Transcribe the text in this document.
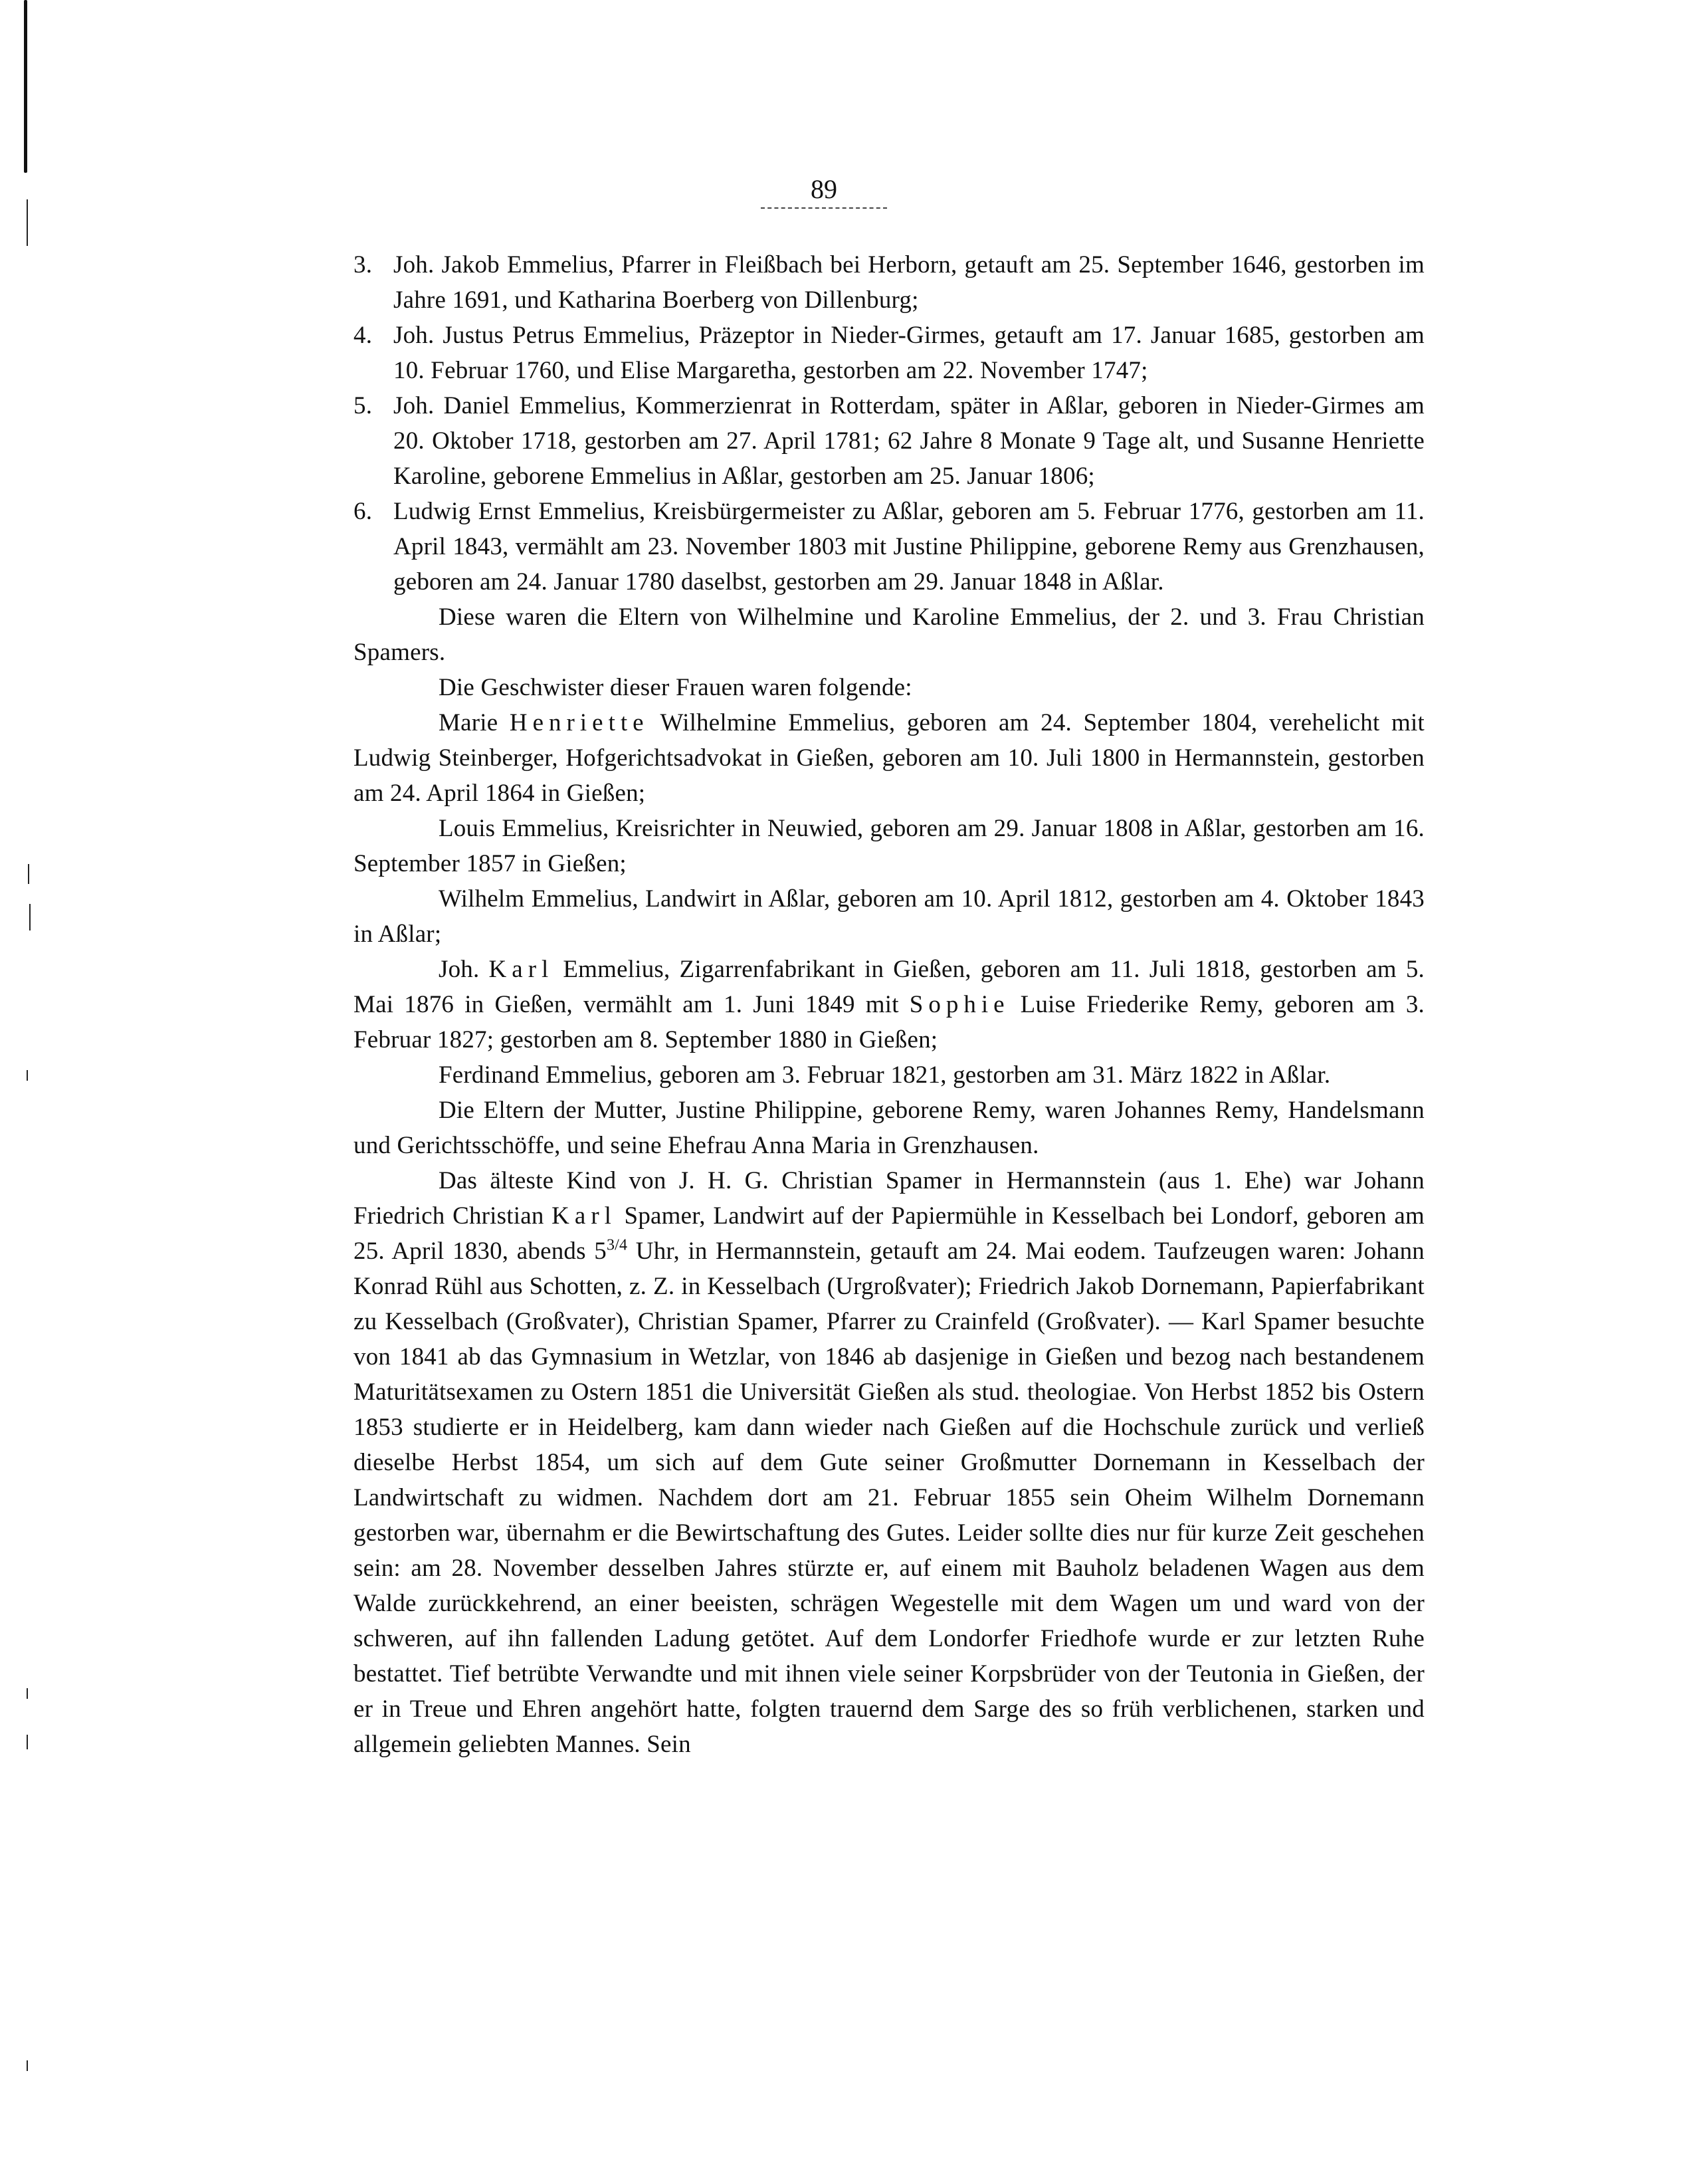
89
3. Joh. Jakob Emmelius, Pfarrer in Fleißbach bei Herborn, getauft am 25. September 1646, gestorben im Jahre 1691, und Katharina Boerberg von Dillenburg;
4. Joh. Justus Petrus Emmelius, Präzeptor in Nieder-Girmes, getauft am 17. Januar 1685, gestorben am 10. Februar 1760, und Elise Margaretha, gestorben am 22. November 1747;
5. Joh. Daniel Emmelius, Kommerzienrat in Rotterdam, später in Aßlar, geboren in Nieder-Girmes am 20. Oktober 1718, gestorben am 27. April 1781; 62 Jahre 8 Monate 9 Tage alt, und Susanne Henriette Karoline, geborene Emmelius in Aßlar, gestorben am 25. Januar 1806;
6. Ludwig Ernst Emmelius, Kreisbürgermeister zu Aßlar, geboren am 5. Februar 1776, gestorben am 11. April 1843, vermählt am 23. November 1803 mit Justine Philippine, geborene Remy aus Grenzhausen, geboren am 24. Januar 1780 daselbst, gestorben am 29. Januar 1848 in Aßlar.

Diese waren die Eltern von Wilhelmine und Karoline Emmelius, der 2. und 3. Frau Christian Spamers.

Die Geschwister dieser Frauen waren folgende:

Marie Henriette Wilhelmine Emmelius, geboren am 24. September 1804, verehelicht mit Ludwig Steinberger, Hofgerichtsadvokat in Gießen, geboren am 10. Juli 1800 in Hermannstein, gestorben am 24. April 1864 in Gießen;

Louis Emmelius, Kreisrichter in Neuwied, geboren am 29. Januar 1808 in Aßlar, gestorben am 16. September 1857 in Gießen;

Wilhelm Emmelius, Landwirt in Aßlar, geboren am 10. April 1812, gestorben am 4. Oktober 1843 in Aßlar;

Joh. Karl Emmelius, Zigarrenfabrikant in Gießen, geboren am 11. Juli 1818, gestorben am 5. Mai 1876 in Gießen, vermählt am 1. Juni 1849 mit Sophie Luise Friederike Remy, geboren am 3. Februar 1827; gestorben am 8. September 1880 in Gießen;

Ferdinand Emmelius, geboren am 3. Februar 1821, gestorben am 31. März 1822 in Aßlar.

Die Eltern der Mutter, Justine Philippine, geborene Remy, waren Johannes Remy, Handelsmann und Gerichtsschöffe, und seine Ehefrau Anna Maria in Grenzhausen.

Das älteste Kind von J. H. G. Christian Spamer in Hermannstein (aus 1. Ehe) war Johann Friedrich Christian Karl Spamer, Landwirt auf der Papiermühle in Kesselbach bei Londorf, geboren am 25. April 1830, abends $5^{3/4}$ Uhr, in Hermannstein, getauft am 24. Mai eodem. Taufzeugen waren: Johann Konrad Rühl aus Schotten, z. Z. in Kesselbach (Urgroßvater); Friedrich Jakob Dornemann, Papierfabrikant zu Kesselbach (Großvater), Christian Spamer, Pfarrer zu Crainfeld (Großvater). — Karl Spamer besuchte von 1841 ab das Gymnasium in Wetzlar, von 1846 ab dasjenige in Gießen und bezog nach bestandenem Maturitätsexamen zu Ostern 1851 die Universität Gießen als stud. theologiae. Von Herbst 1852 bis Ostern 1853 studierte er in Heidelberg, kam dann wieder nach Gießen auf die Hochschule zurück und verließ dieselbe Herbst 1854, um sich auf dem Gute seiner Großmutter Dornemann in Kesselbach der Landwirtschaft zu widmen. Nachdem dort am 21. Februar 1855 sein Oheim Wilhelm Dornemann gestorben war, übernahm er die Bewirtschaftung des Gutes. Leider sollte dies nur für kurze Zeit geschehen sein: am 28. November desselben Jahres stürzte er, auf einem mit Bauholz beladenen Wagen aus dem Walde zurückkehrend, an einer beeisten, schrägen Wegestelle mit dem Wagen um und ward von der schweren, auf ihn fallenden Ladung getötet. Auf dem Londorfer Friedhofe wurde er zur letzten Ruhe bestattet. Tief betrübte Verwandte und mit ihnen viele seiner Korpsbrüder von der Teutonia in Gießen, der er in Treue und Ehren angehört hatte, folgten trauernd dem Sarge des so früh verblichenen, starken und allgemein geliebten Mannes. Sein
